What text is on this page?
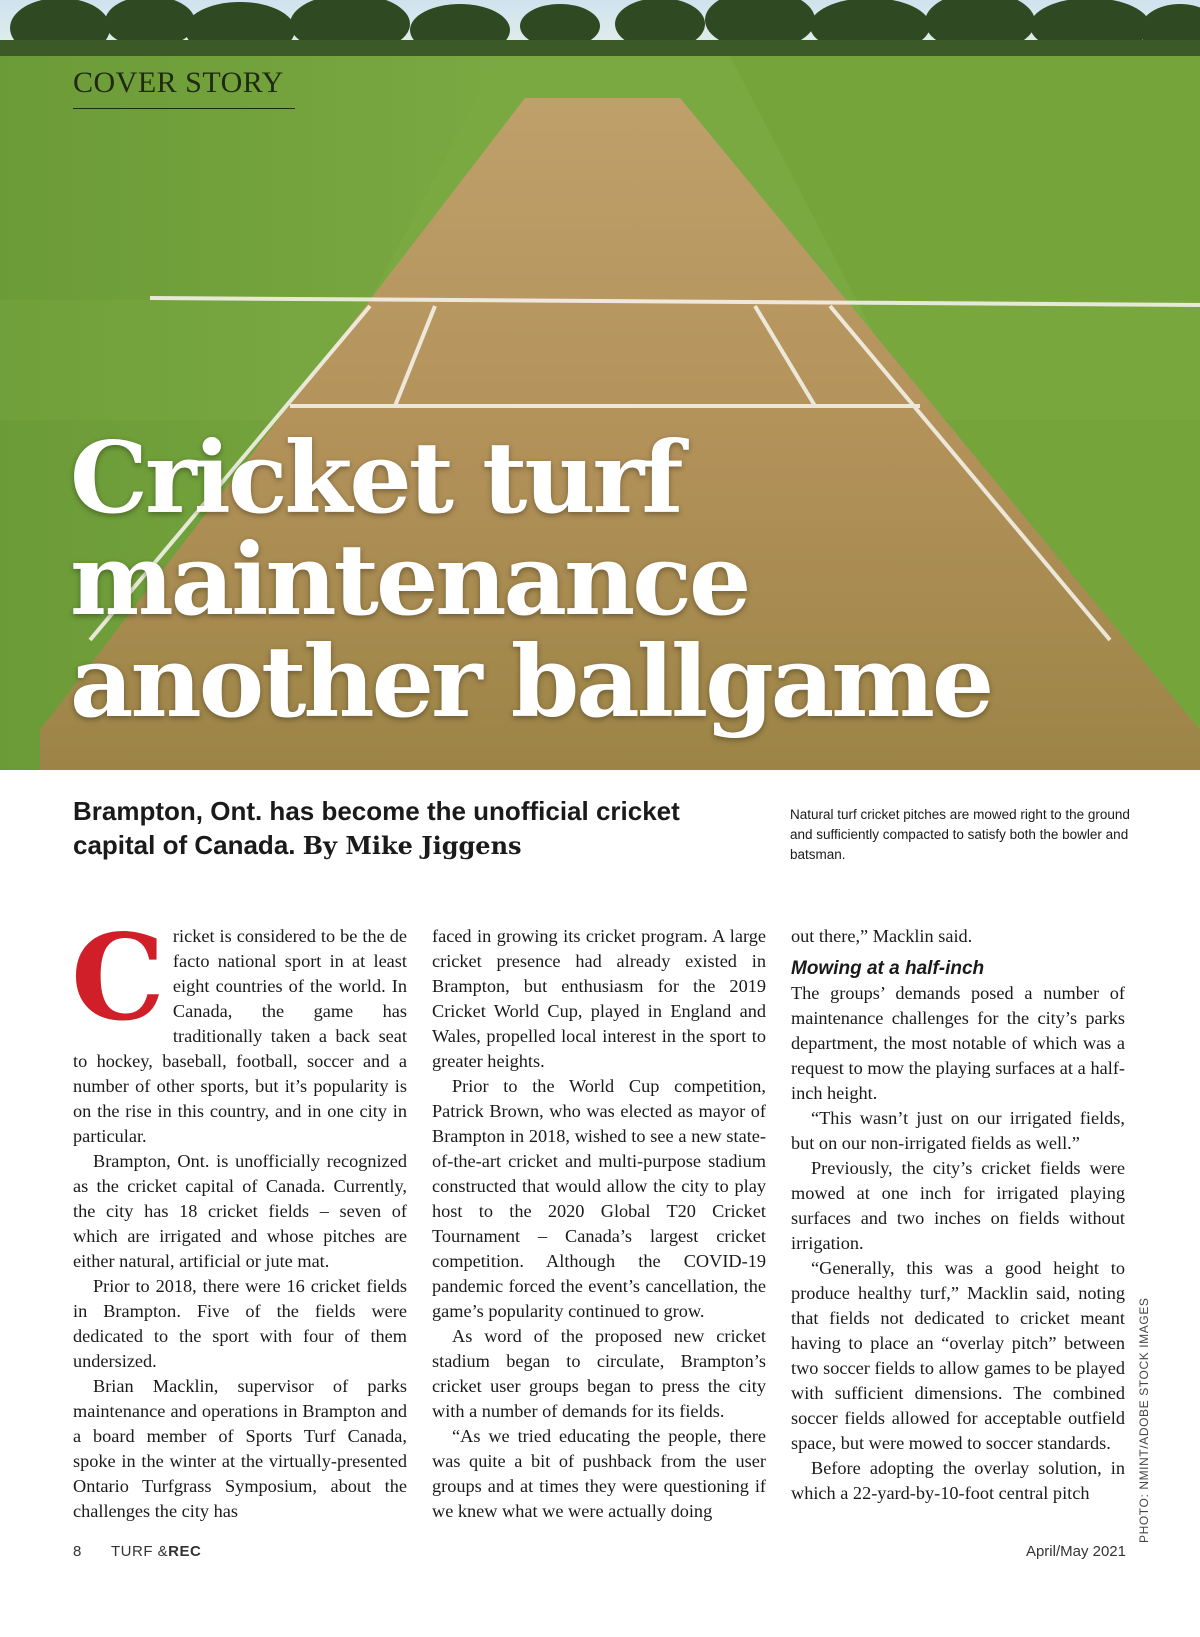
COVER STORY
Cricket turf
maintenance
another ballgame
Brampton, Ont. has become the unofficial cricket capital of Canada. By Mike Jiggens
Natural turf cricket pitches are mowed right to the ground and sufficiently compacted to satisfy both the bowler and batsman.

Cricket is considered to be the de facto national sport in at least eight countries of the world. In Canada, the game has traditionally taken a back seat to hockey, baseball, football, soccer and a number of other sports, but it’s popularity is on the rise in this country, and in one city in particular.

Brampton, Ont. is unofficially recognized as the cricket capital of Canada. Currently, the city has 18 cricket fields – seven of which are irrigated and whose pitches are either natural, artificial or jute mat.

Prior to 2018, there were 16 cricket fields in Brampton. Five of the fields were dedicated to the sport with four of them undersized.

Brian Macklin, supervisor of parks maintenance and operations in Brampton and a board member of Sports Turf Canada, spoke in the winter at the virtually-presented Ontario Turfgrass Symposium, about the challenges the city has

faced in growing its cricket program. A large cricket presence had already existed in Brampton, but enthusiasm for the 2019 Cricket World Cup, played in England and Wales, propelled local interest in the sport to greater heights.

Prior to the World Cup competition, Patrick Brown, who was elected as mayor of Brampton in 2018, wished to see a new state-of-the-art cricket and multi-purpose stadium constructed that would allow the city to play host to the 2020 Global T20 Cricket Tournament – Canada’s largest cricket competition. Although the COVID-19 pandemic forced the event’s cancellation, the game’s popularity continued to grow.

As word of the proposed new cricket stadium began to circulate, Brampton’s cricket user groups began to press the city with a number of demands for its fields.

“As we tried educating the people, there was quite a bit of pushback from the user groups and at times they were questioning if we knew what we were actually doing

out there,” Macklin said.

Mowing at a half-inch

The groups’ demands posed a number of maintenance challenges for the city’s parks department, the most notable of which was a request to mow the playing surfaces at a half-inch height.

“This wasn’t just on our irrigated fields, but on our non-irrigated fields as well.”

Previously, the city’s cricket fields were mowed at one inch for irrigated playing surfaces and two inches on fields without irrigation.

“Generally, this was a good height to produce healthy turf,” Macklin said, noting that fields not dedicated to cricket meant having to place an “overlay pitch” between two soccer fields to allow games to be played with sufficient dimensions. The combined soccer fields allowed for acceptable outfield space, but were mowed to soccer standards.

Before adopting the overlay solution, in which a 22-yard-by-10-foot central pitch	PHOTO: NMINT/ADOBE STOCK IMAGES
8 TURF &REC	April/May 2021
